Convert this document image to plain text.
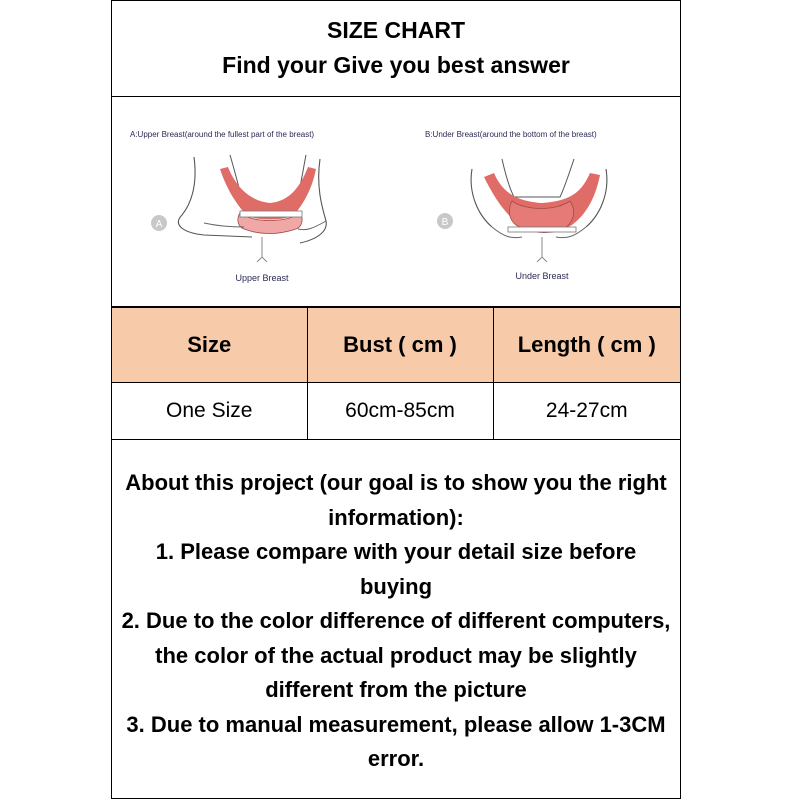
SIZE CHART
Find your Give you best answer
A:Upper Breast(around the fullest part of the breast)
A
Upper Breast
B:Under Breast(around the bottom of the breast)
B
Under Breast
Size	Bust ( cm )	Length ( cm )
One Size	60cm-85cm	24-27cm

About this project (our goal is to show you the right information):

1. Please compare with your detail size before buying

2. Due to the color difference of different computers, the color of the actual product may be slightly different from the picture

3. Due to manual measurement, please allow 1-3CM error.
